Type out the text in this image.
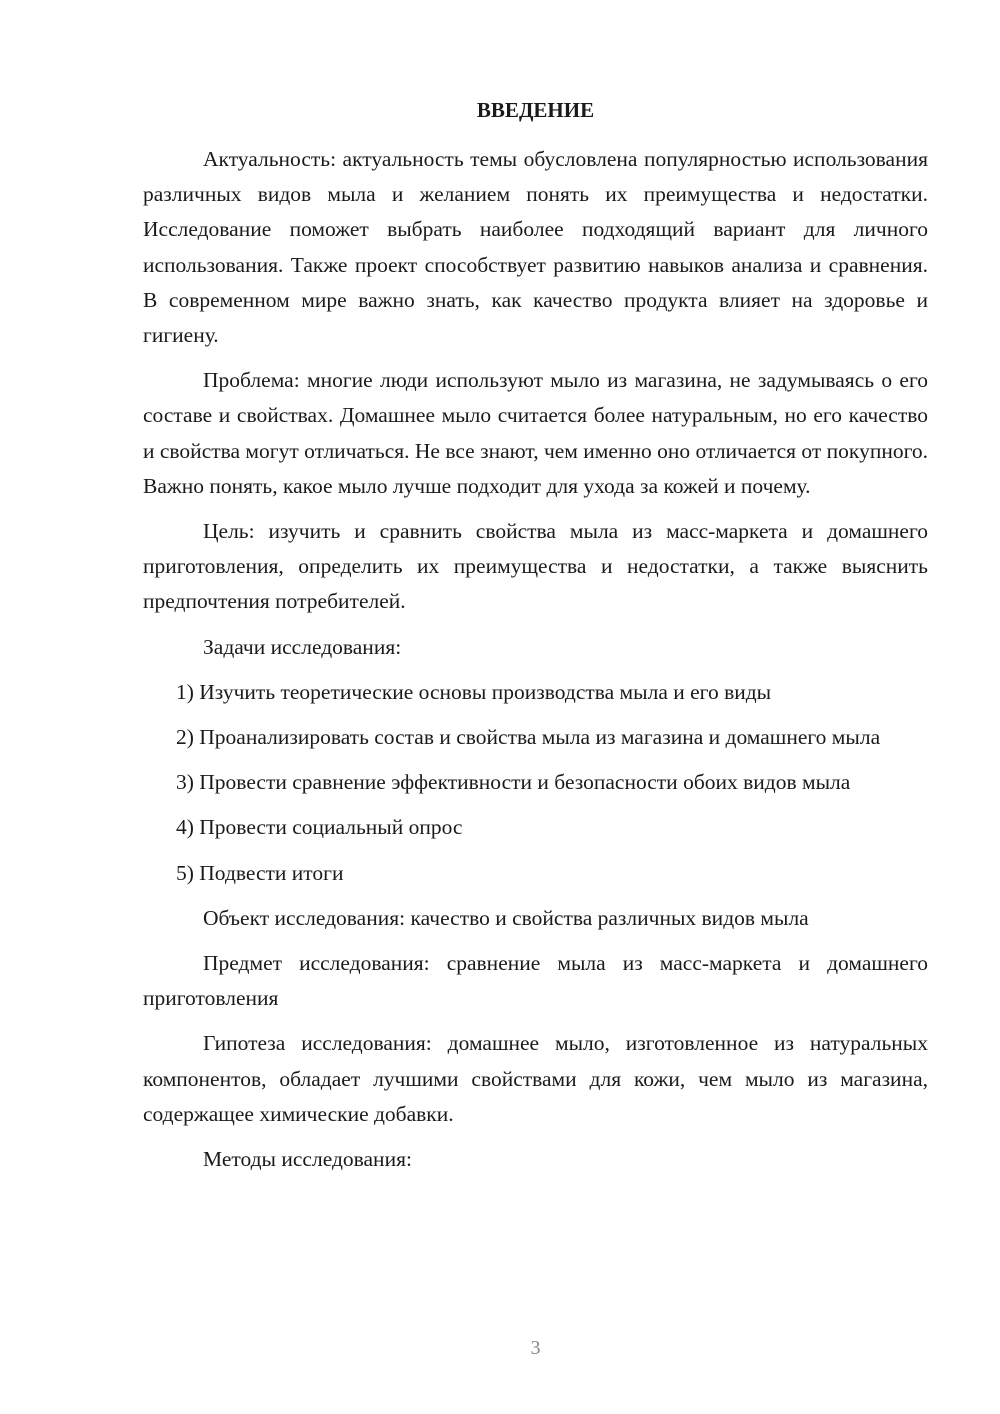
ВВЕДЕНИЕ

Актуальность: актуальность темы обусловлена популярностью использования различных видов мыла и желанием понять их преимущества и недостатки. Исследование поможет выбрать наиболее подходящий вариант для личного использования. Также проект способствует развитию навыков анализа и сравнения. В современном мире важно знать, как качество продукта влияет на здоровье и гигиену.

Проблема: многие люди используют мыло из магазина, не задумываясь о его составе и свойствах. Домашнее мыло считается более натуральным, но его качество и свойства могут отличаться. Не все знают, чем именно оно отличается от покупного. Важно понять, какое мыло лучше подходит для ухода за кожей и почему.

Цель: изучить и сравнить свойства мыла из масс-маркета и домашнего приготовления, определить их преимущества и недостатки, а также выяснить предпочтения потребителей.

Задачи исследования:

1) Изучить теоретические основы производства мыла и его виды

2) Проанализировать состав и свойства мыла из магазина и домашнего мыла

3) Провести сравнение эффективности и безопасности обоих видов мыла

4) Провести социальный опрос

5) Подвести итоги

Объект исследования: качество и свойства различных видов мыла

Предмет исследования: сравнение мыла из масс-маркета и домашнего приготовления

Гипотеза исследования: домашнее мыло, изготовленное из натуральных компонентов, обладает лучшими свойствами для кожи, чем мыло из магазина, содержащее химические добавки.

Методы исследования:

3
